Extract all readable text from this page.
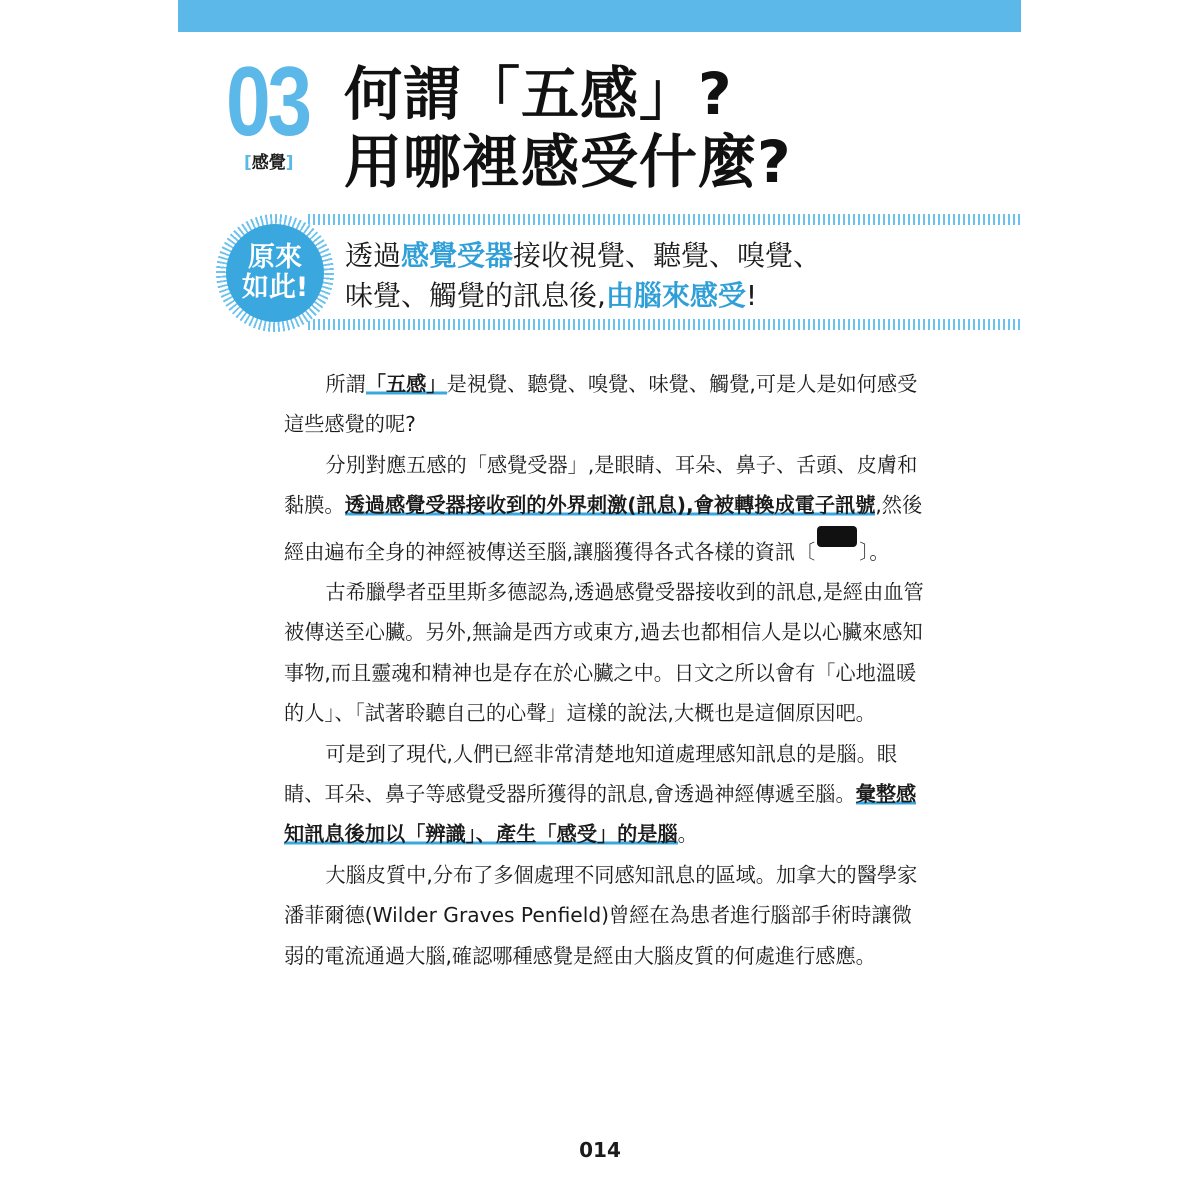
03
[感覺]
何謂「五感」?
用哪裡感受什麼?
原來
如此!
透過感覺受器接收視覺、聽覺、嗅覺、
味覺、觸覺的訊息後,由腦來感受!

所謂「五感」是視覺、聽覺、嗅覺、味覺、觸覺,可是人是如何感受這些感覺的呢?

分別對應五感的「感覺受器」,是眼睛、耳朵、鼻子、舌頭、皮膚和黏膜。透過感覺受器接收到的外界刺激(訊息),會被轉換成電子訊號,然後經由遍布全身的神經被傳送至腦,讓腦獲得各式各樣的資訊〔右圖 〕。

古希臘學者亞里斯多德認為,透過感覺受器接收到的訊息,是經由血管被傳送至心臟。另外,無論是西方或東方,過去也都相信人是以心臟來感知事物,而且靈魂和精神也是存在於心臟之中。日文之所以會有「心地溫暖的人」、「試著聆聽自己的心聲」這樣的說法,大概也是這個原因吧。

可是到了現代,人們已經非常清楚地知道處理感知訊息的是腦。眼睛、耳朵、鼻子等感覺受器所獲得的訊息,會透過神經傳遞至腦。彙整感知訊息後加以「辨識」、產生「感受」的是腦。

大腦皮質中,分布了多個處理不同感知訊息的區域。加拿大的醫學家潘菲爾德(Wilder Graves Penfield)曾經在為患者進行腦部手術時讓微弱的電流通過大腦,確認哪種感覺是經由大腦皮質的何處進行感應。

014
